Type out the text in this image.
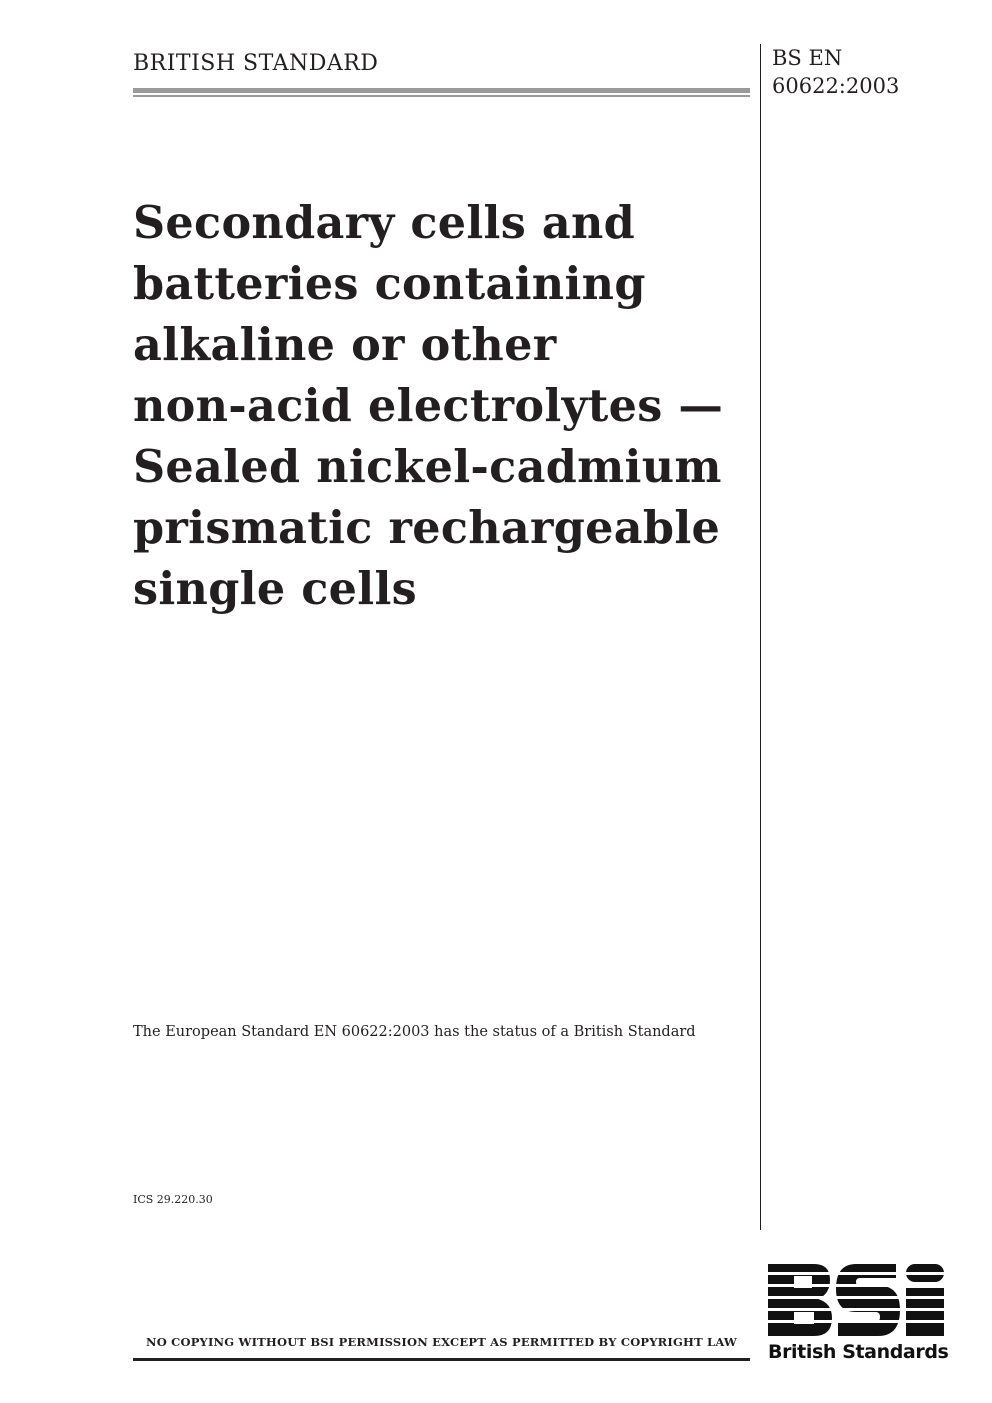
BRITISH STANDARD	BS EN
60622:2003
Secondary cells and
batteries containing
alkaline or other
non-acid electrolytes —
Sealed nickel-cadmium
prismatic rechargeable
single cells
The European Standard EN 60622:2003 has the status of a British Standard
ICS 29.220.30
NO COPYING WITHOUT BSI PERMISSION EXCEPT AS PERMITTED BY COPYRIGHT LAW	British Standards
